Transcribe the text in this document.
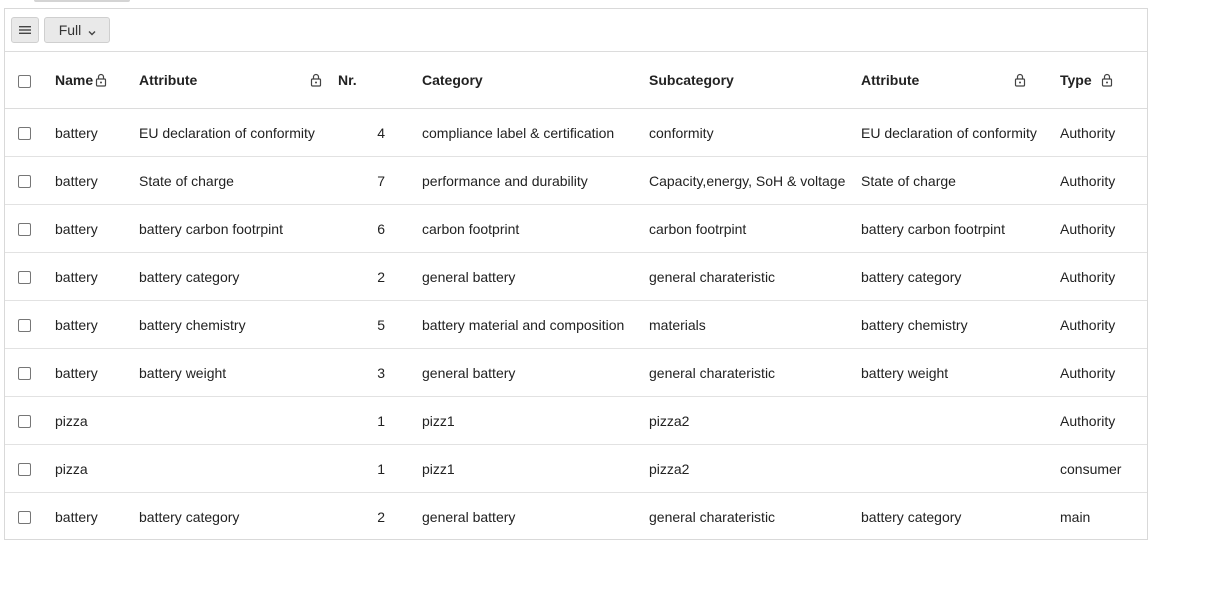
Full

	Name	Attribute	Nr.	Category	Subcategory	Attribute	Type

	battery	EU declaration of conformity	4	compliance label & certification	conformity	EU declaration of conformity	Authority
	battery	State of charge	7	performance and durability	Capacity,energy, SoH & voltage	State of charge	Authority
	battery	battery carbon footrpint	6	carbon footprint	carbon footrpint	battery carbon footrpint	Authority
	battery	battery category	2	general battery	general charateristic	battery category	Authority
	battery	battery chemistry	5	battery material and composition	materials	battery chemistry	Authority
	battery	battery weight	3	general battery	general charateristic	battery weight	Authority
	pizza		1	pizz1	pizza2		Authority
	pizza		1	pizz1	pizza2		consumer
	battery	battery category	2	general battery	general charateristic	battery category	main
